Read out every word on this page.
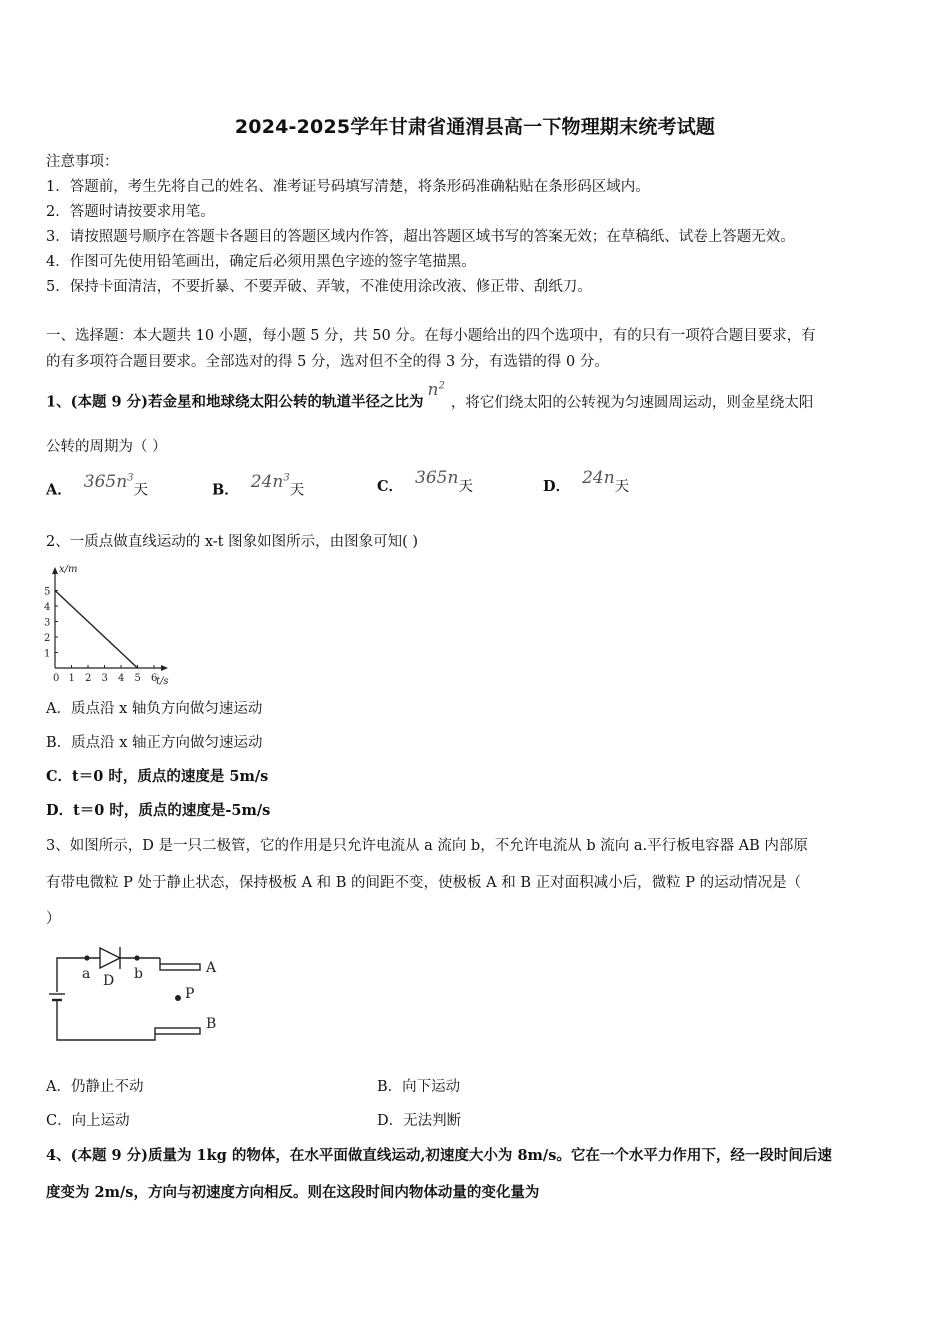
2024-2025学年甘肃省通渭县高一下物理期末统考试题
注意事项：
1．答题前，考生先将自己的姓名、准考证号码填写清楚，将条形码准确粘贴在条形码区域内。
2．答题时请按要求用笔。
3．请按照题号顺序在答题卡各题目的答题区域内作答，超出答题区域书写的答案无效；在草稿纸、试卷上答题无效。
4．作图可先使用铅笔画出，确定后必须用黑色字迹的签字笔描黑。
5．保持卡面清洁，不要折暴、不要弄破、弄皱，不准使用涂改液、修正带、刮纸刀。
一、选择题：本大题共 10 小题，每小题 5 分，共 50 分。在每小题给出的四个选项中，有的只有一项符合题目要求，有
的有多项符合题目要求。全部选对的得 5 分，选对但不全的得 3 分，有选错的得 0 分。
1、(本题 9 分)若金星和地球绕太阳公转的轨道半径之比为$n^2$，将它们绕太阳的公转视为匀速圆周运动，则金星绕太阳
公转的周期为（ ）
A． $365n^3$天	B． $24n^3$天	C． 365n天	D． 24n天
2、一质点做直线运动的 x-t 图象如图所示，由图象可知( )
0 1 2 3 4 5 6
1
2
3
4
5
x/m
t/s
A．质点沿 x 轴负方向做匀速运动
B．质点沿 x 轴正方向做匀速运动
C．t＝0 时，质点的速度是 5m/s
D．t＝0 时，质点的速度是-5m/s
3、如图所示，D 是一只二极管，它的作用是只允许电流从 a 流向 b，不允许电流从 b 流向 a.平行板电容器 AB 内部原
有带电微粒 P 处于静止状态，保持极板 A 和 B 的间距不变，使极板 A 和 B 正对面积减小后，微粒 P 的运动情况是（
）
a	b
D
A
B
P
A．仍静止不动	B．向下运动
C．向上运动	D．无法判断
4、(本题 9 分)质量为 1kg 的物体，在水平面做直线运动,初速度大小为 8m/s。它在一个水平力作用下，经一段时间后速
度变为 2m/s，方向与初速度方向相反。则在这段时间内物体动量的变化量为
